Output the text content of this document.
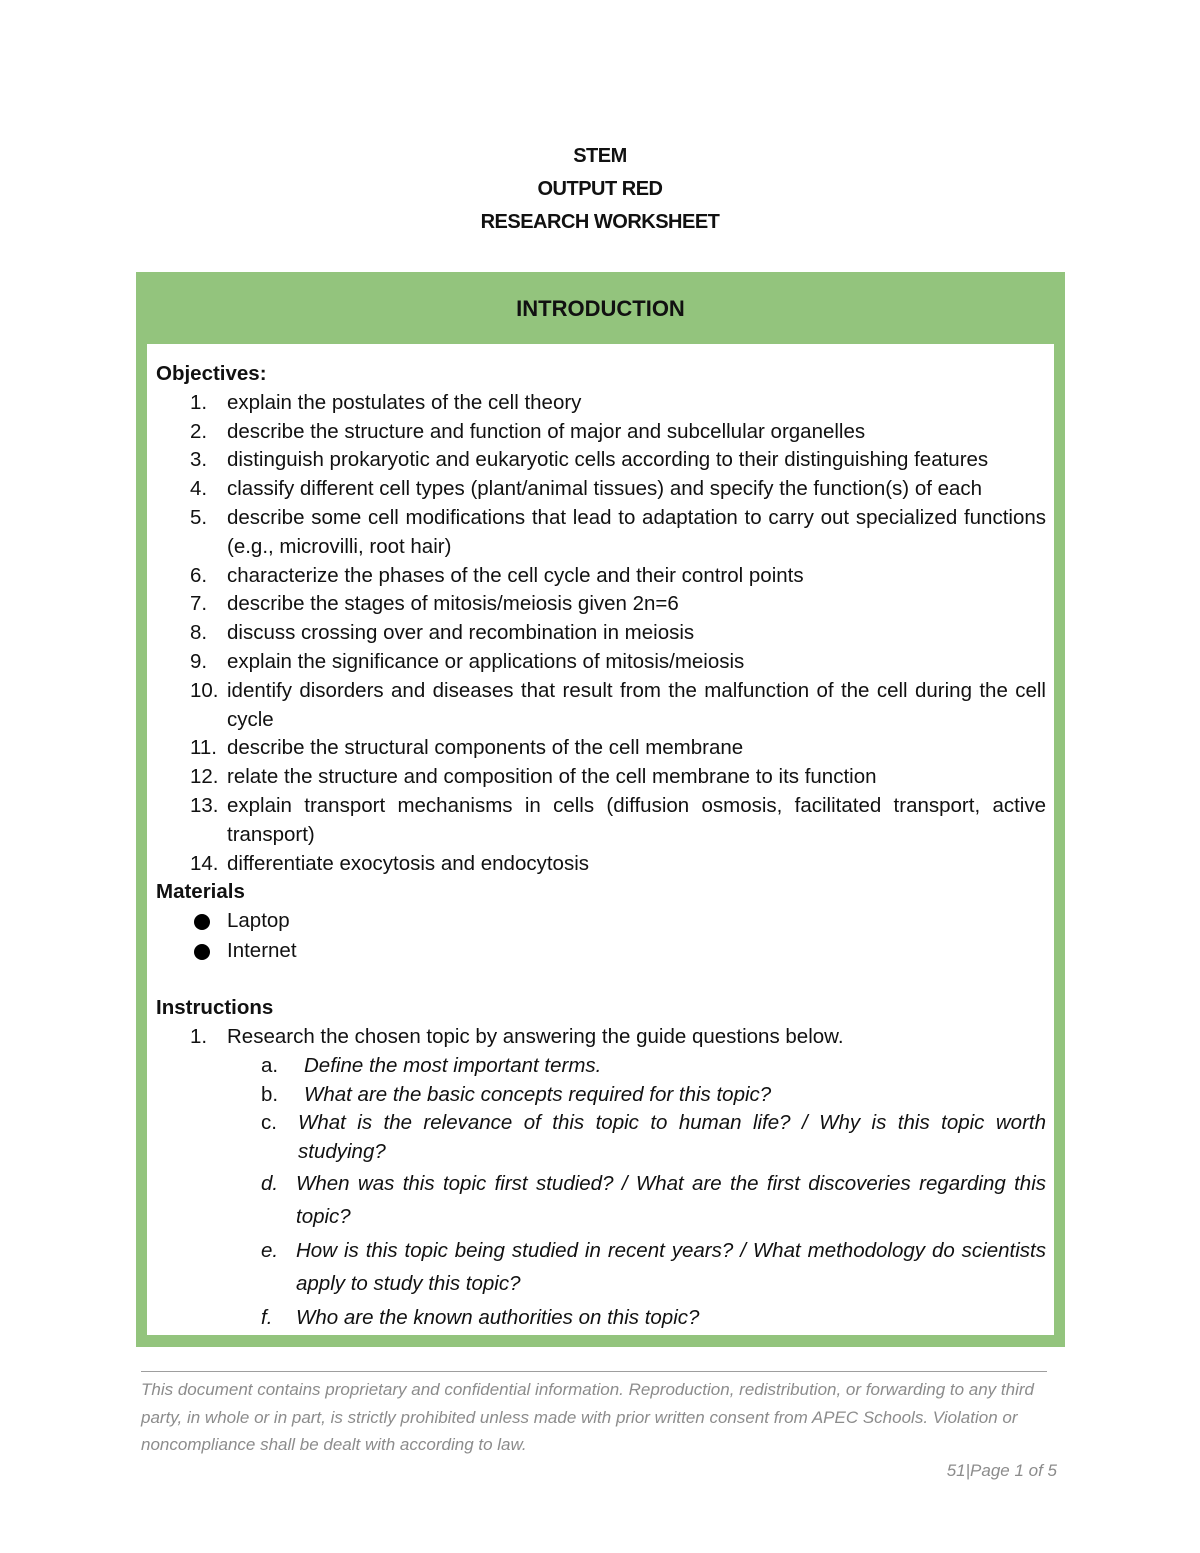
STEM
OUTPUT RED
RESEARCH WORKSHEET
INTRODUCTION
Objectives:
1. explain the postulates of the cell theory
2. describe the structure and function of major and subcellular organelles
3. distinguish prokaryotic and eukaryotic cells according to their distinguishing features
4. classify different cell types (plant/animal tissues) and specify the function(s) of each
5. describe some cell modifications that lead to adaptation to carry out specialized functions (e.g., microvilli, root hair)
6. characterize the phases of the cell cycle and their control points
7. describe the stages of mitosis/meiosis given 2n=6
8. discuss crossing over and recombination in meiosis
9. explain the significance or applications of mitosis/meiosis
10. identify disorders and diseases that result from the malfunction of the cell during the cell cycle
11. describe the structural components of the cell membrane
12. relate the structure and composition of the cell membrane to its function
13. explain transport mechanisms in cells (diffusion osmosis, facilitated transport, active transport)
14. differentiate exocytosis and endocytosis
Materials
Laptop
Internet
Instructions
1. Research the chosen topic by answering the guide questions below.
a. Define the most important terms.
b. What are the basic concepts required for this topic?
c. What is the relevance of this topic to human life? / Why is this topic worth studying?
d. When was this topic first studied? / What are the first discoveries regarding this topic?
e. How is this topic being studied in recent years? / What methodology do scientists apply to study this topic?
f. Who are the known authorities on this topic?
This document contains proprietary and confidential information. Reproduction, redistribution, or forwarding to any third party, in whole or in part, is strictly prohibited unless made with prior written consent from APEC Schools. Violation or noncompliance shall be dealt with according to law.
51|Page 1 of 5
